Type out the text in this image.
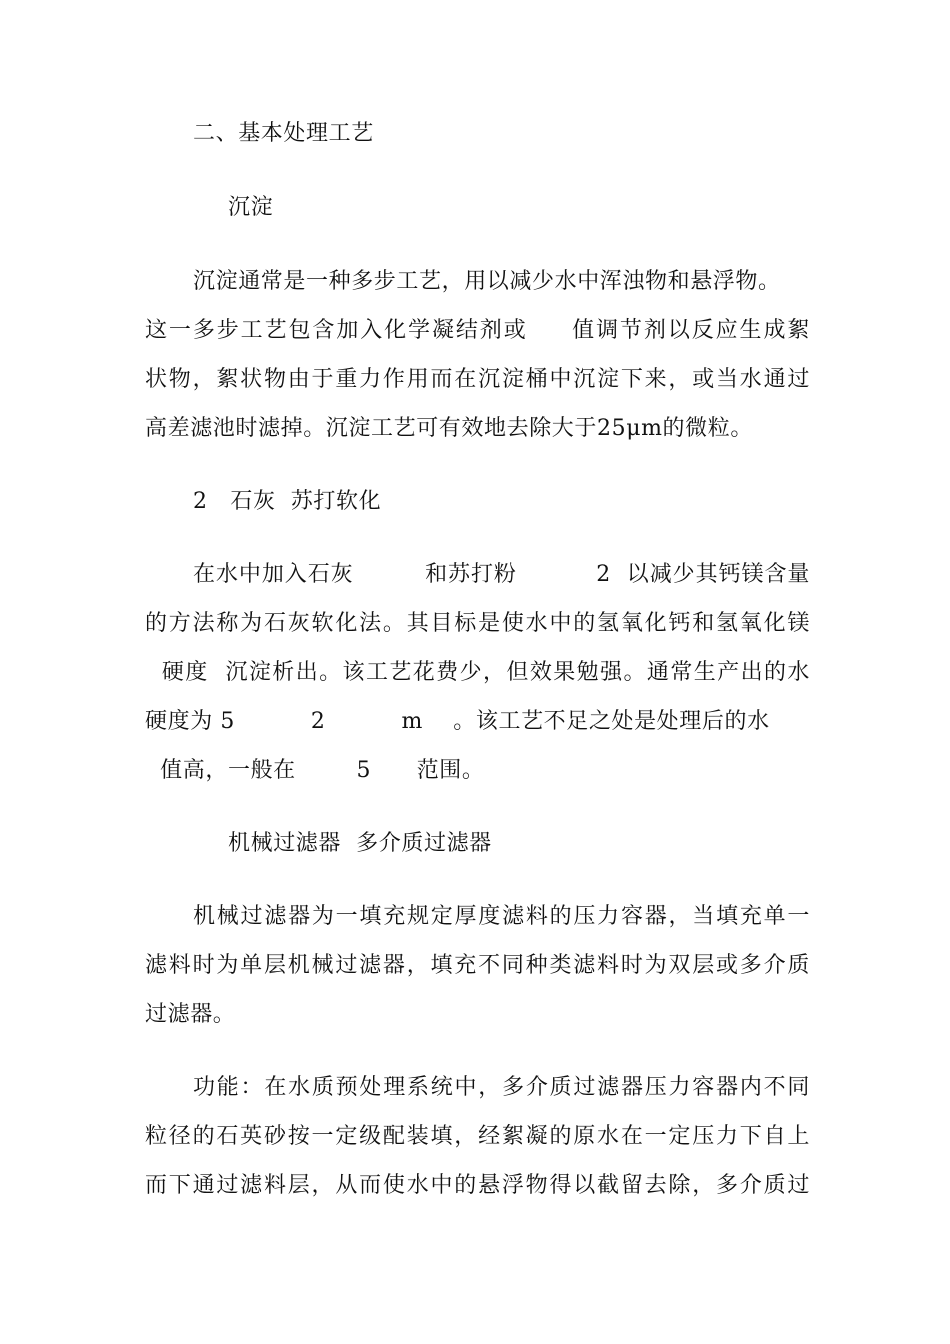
二、基本处理工艺
沉淀
沉淀通常是一种多步工艺，用以减少水中浑浊物和悬浮物。
这一多步工艺包含加入化学凝结剂或     值调节剂以反应生成絮
状物，絮状物由于重力作用而在沉淀桶中沉淀下来，或当水通过
高差滤池时滤掉。沉淀工艺可有效地去除大于25μm的微粒。
2   石灰  苏打软化
在水中加入石灰         和苏打粉          2  以减少其钙镁含量
的方法称为石灰软化法。其目标是使水中的氢氧化钙和氢氧化镁
硬度  沉淀析出。该工艺花费少，但效果勉强。通常生产出的水
硬度为 5          2          m    。该工艺不足之处是处理后的水
值高，一般在        5      范围。
机械过滤器  多介质过滤器
机械过滤器为一填充规定厚度滤料的压力容器，当填充单一
滤料时为单层机械过滤器，填充不同种类滤料时为双层或多介质
过滤器。
功能：在水质预处理系统中，多介质过滤器压力容器内不同
粒径的石英砂按一定级配装填，经絮凝的原水在一定压力下自上
而下通过滤料层，从而使水中的悬浮物得以截留去除，多介质过
